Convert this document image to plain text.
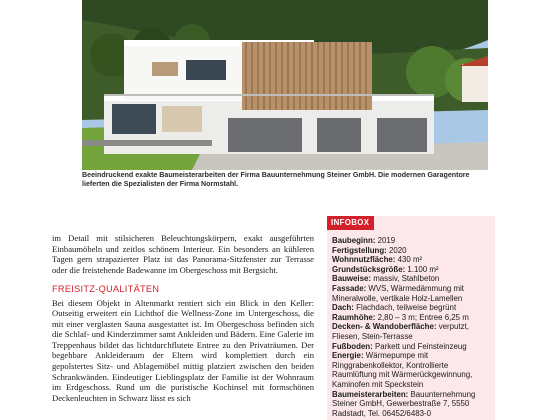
Beeindruckend exakte Baumeisterarbeiten der Firma Bauunternehmung Steiner GmbH. Die modernen Garagentore lieferten die Spezialisten der Firma Normstahl.

im Detail mit stilsicheren Beleuchtungskörpern, exakt ausgeführten Einbaumöbeln und zeitlos schönem Interieur. Ein besonders an kühleren Tagen gern strapazierter Platz ist das Panorama-Sitzfenster zur Terrasse oder die freistehende Badewanne im Obergeschoss mit Bergsicht.

FREISITZ-QUALITÄTEN

Bei diesem Objekt in Altenmarkt rentiert sich ein Blick in den Keller: Outseitig erweitert ein Lichthof die Wellness-Zone im Untergeschoss, die mit einer verglasten Sauna ausgestattet ist. Im Obergeschoss befinden sich die Schlaf- und Kinderzimmer samt Ankleiden und Bädern. Eine Galerie im Treppenhaus bildet das lichtdurchflutete Entree zu den Privaträumen. Der begehbare Ankleideraum der Eltern wird komplettiert durch ein gepolstertes Sitz- und Ablagemöbel mittig platziert zwischen den beiden Schrankwänden. Eindeutiger Lieblingsplatz der Familie ist der Wohnraum im Erdgeschoss. Rund um die puristische Kochinsel mit formschönen Deckenleuchten in Schwarz lässt es sich

INFOBOX

Baubeginn: 2019

Fertigstellung: 2020

Wohnnutzfläche: 430 m²

Grundstücksgröße: 1.100 m²

Bauweise: massiv, Stahlbeton

Fassade: WVS, Wärmedämmung mit Mineralwolle, vertikale Holz-Lamellen

Dach: Flachdach, teilweise begrünt

Raumhöhe: 2,80 – 3 m; Entree 6,25 m

Decken- & Wandoberfläche: verputzt, Fliesen, Stein-Terrasse

Fußboden: Parkett und Feinsteinzeug

Energie: Wärmepumpe mit Ringgrabenkollektor, Kontrollierte Raumlüftung mit Wärmerückgewinnung, Kaminofen mit Speckstein

Baumeisterarbeiten: Bauunternehmung Steiner GmbH, Gewerbestraße 7, 5550 Radstadt, Tel. 06452/6483-0
